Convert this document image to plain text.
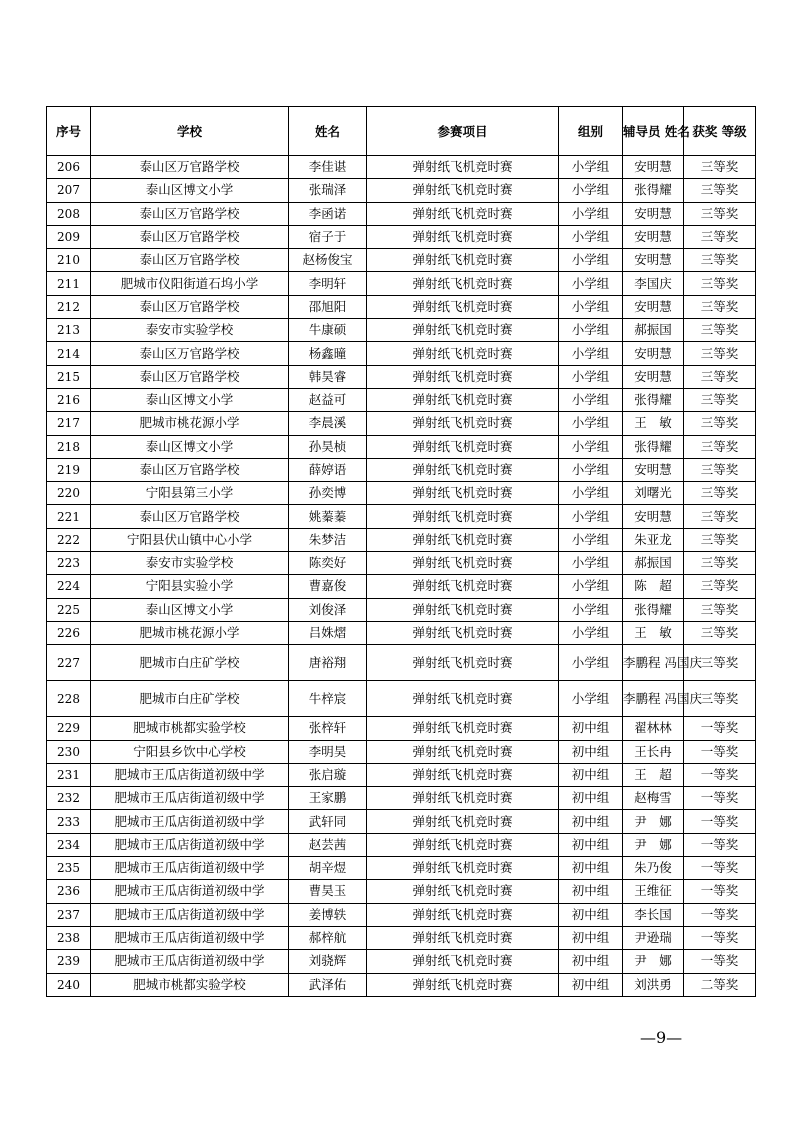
序号	学校	姓名	参赛项目	组别	辅导员 姓名	获奖 等级
206	泰山区万官路学校	李佳谌	弹射纸飞机竞时赛	小学组	安明慧	三等奖
207	泰山区博文小学	张瑞泽	弹射纸飞机竞时赛	小学组	张得耀	三等奖
208	泰山区万官路学校	李函诺	弹射纸飞机竞时赛	小学组	安明慧	三等奖
209	泰山区万官路学校	宿子于	弹射纸飞机竞时赛	小学组	安明慧	三等奖
210	泰山区万官路学校	赵杨俊宝	弹射纸飞机竞时赛	小学组	安明慧	三等奖
211	肥城市仪阳街道石坞小学	李明轩	弹射纸飞机竞时赛	小学组	李国庆	三等奖
212	泰山区万官路学校	邵旭阳	弹射纸飞机竞时赛	小学组	安明慧	三等奖
213	泰安市实验学校	牛康硕	弹射纸飞机竞时赛	小学组	郝振国	三等奖
214	泰山区万官路学校	杨鑫曈	弹射纸飞机竞时赛	小学组	安明慧	三等奖
215	泰山区万官路学校	韩昊睿	弹射纸飞机竞时赛	小学组	安明慧	三等奖
216	泰山区博文小学	赵益可	弹射纸飞机竞时赛	小学组	张得耀	三等奖
217	肥城市桃花源小学	李晨溪	弹射纸飞机竞时赛	小学组	王　敏	三等奖
218	泰山区博文小学	孙昊桢	弹射纸飞机竞时赛	小学组	张得耀	三等奖
219	泰山区万官路学校	薛婷语	弹射纸飞机竞时赛	小学组	安明慧	三等奖
220	宁阳县第三小学	孙奕博	弹射纸飞机竞时赛	小学组	刘曙光	三等奖
221	泰山区万官路学校	姚蓁蓁	弹射纸飞机竞时赛	小学组	安明慧	三等奖
222	宁阳县伏山镇中心小学	朱梦洁	弹射纸飞机竞时赛	小学组	朱亚龙	三等奖
223	泰安市实验学校	陈奕好	弹射纸飞机竞时赛	小学组	郝振国	三等奖
224	宁阳县实验小学	曹嘉俊	弹射纸飞机竞时赛	小学组	陈　超	三等奖
225	泰山区博文小学	刘俊泽	弹射纸飞机竞时赛	小学组	张得耀	三等奖
226	肥城市桃花源小学	吕姝熠	弹射纸飞机竞时赛	小学组	王　敏	三等奖
227	肥城市白庄矿学校	唐裕翔	弹射纸飞机竞时赛	小学组	李鹏程 冯国庆	三等奖
228	肥城市白庄矿学校	牛梓宸	弹射纸飞机竞时赛	小学组	李鹏程 冯国庆	三等奖
229	肥城市桃都实验学校	张梓轩	弹射纸飞机竞时赛	初中组	翟林林	一等奖
230	宁阳县乡饮中心学校	李明昊	弹射纸飞机竞时赛	初中组	王长冉	一等奖
231	肥城市王瓜店街道初级中学	张启璇	弹射纸飞机竞时赛	初中组	王　超	一等奖
232	肥城市王瓜店街道初级中学	王家鹏	弹射纸飞机竞时赛	初中组	赵梅雪	一等奖
233	肥城市王瓜店街道初级中学	武轩同	弹射纸飞机竞时赛	初中组	尹　娜	一等奖
234	肥城市王瓜店街道初级中学	赵芸茜	弹射纸飞机竞时赛	初中组	尹　娜	一等奖
235	肥城市王瓜店街道初级中学	胡辛煜	弹射纸飞机竞时赛	初中组	朱乃俊	一等奖
236	肥城市王瓜店街道初级中学	曹昊玉	弹射纸飞机竞时赛	初中组	王维征	一等奖
237	肥城市王瓜店街道初级中学	姜博轶	弹射纸飞机竞时赛	初中组	李长国	一等奖
238	肥城市王瓜店街道初级中学	郝梓航	弹射纸飞机竞时赛	初中组	尹逊瑞	一等奖
239	肥城市王瓜店街道初级中学	刘骁辉	弹射纸飞机竞时赛	初中组	尹　娜	一等奖
240	肥城市桃都实验学校	武泽佑	弹射纸飞机竞时赛	初中组	刘洪勇	二等奖
—9—
